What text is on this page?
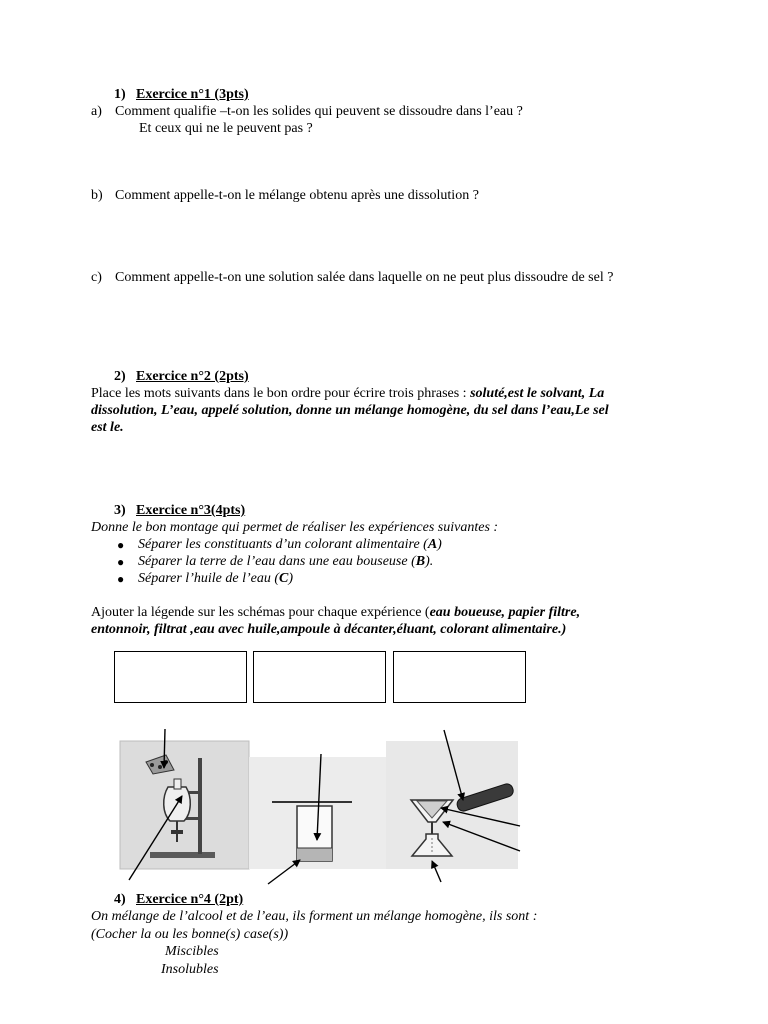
1) Exercice n°1 (3pts)
a) Comment qualifie –t-on les solides qui peuvent se dissoudre dans l’eau ?
Et ceux qui ne le peuvent pas ?
b) Comment appelle-t-on le mélange obtenu après une dissolution ?
c) Comment appelle-t-on une solution salée dans laquelle on ne peut plus dissoudre de sel ?
2) Exercice n°2 (2pts)
Place les mots suivants dans le bon ordre pour écrire trois phrases : soluté,est le solvant, La
dissolution, L’eau, appelé solution, donne un mélange homogène, du sel dans l’eau,Le sel
est le.
3) Exercice n°3(4pts)
Donne le bon montage qui permet de réaliser les expériences suivantes :
● Séparer les constituants d’un colorant alimentaire (A)
● Séparer la terre de l’eau dans une eau bouseuse (B).
● Séparer l’huile de l’eau (C)
Ajouter la légende sur les schémas pour chaque expérience (eau boueuse, papier filtre,
entonnoir, filtrat ,eau avec huile,ampoule à décanter,éluant, colorant alimentaire.)
4) Exercice n°4 (2pt)
On mélange de l’alcool et de l’eau, ils forment un mélange homogène, ils sont :
(Cocher la ou les bonne(s) case(s))
Miscibles
Insolubles
